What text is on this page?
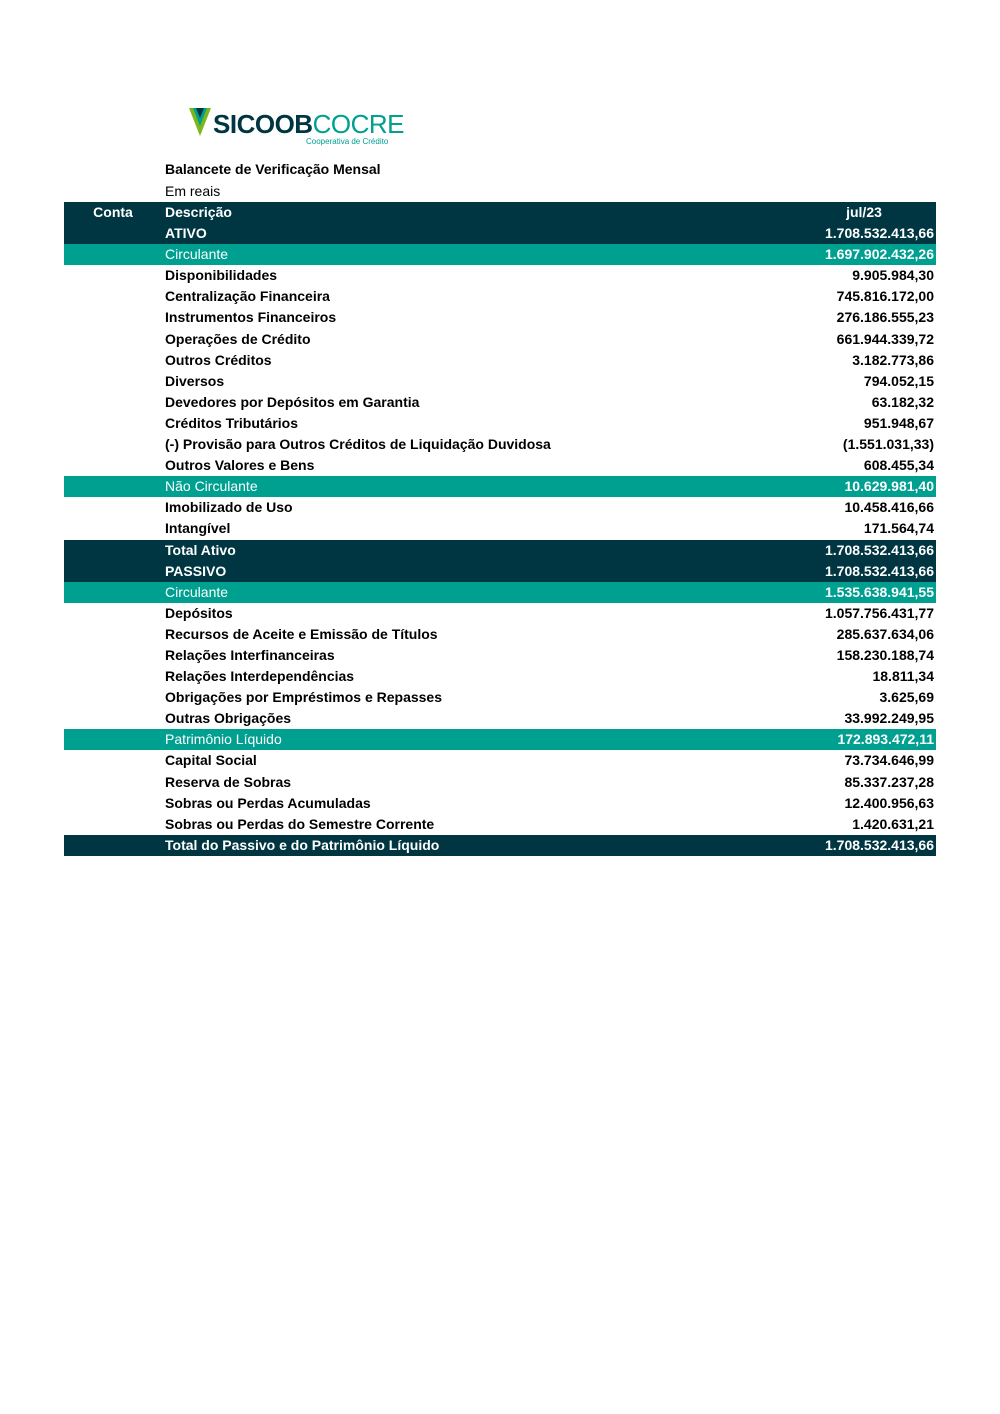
SICOOBCOCRE
Cooperativa de Crédito
Balancete de Verificação Mensal
Em reais
Conta	Descrição	jul/23
ATIVO	1.708.532.413,66
Circulante	1.697.902.432,26
Disponibilidades	9.905.984,30
Centralização Financeira	745.816.172,00
Instrumentos Financeiros	276.186.555,23
Operações de Crédito	661.944.339,72
Outros Créditos	3.182.773,86
Diversos	794.052,15
Devedores por Depósitos em Garantia	63.182,32
Créditos Tributários	951.948,67
(-) Provisão para Outros Créditos de Liquidação Duvidosa	(1.551.031,33)
Outros Valores e Bens	608.455,34
Não Circulante	10.629.981,40
Imobilizado de Uso	10.458.416,66
Intangível	171.564,74
Total Ativo	1.708.532.413,66
PASSIVO	1.708.532.413,66
Circulante	1.535.638.941,55
Depósitos	1.057.756.431,77
Recursos de Aceite e Emissão de Títulos	285.637.634,06
Relações Interfinanceiras	158.230.188,74
Relações Interdependências	18.811,34
Obrigações por Empréstimos e Repasses	3.625,69
Outras Obrigações	33.992.249,95
Patrimônio Líquido	172.893.472,11
Capital Social	73.734.646,99
Reserva de Sobras	85.337.237,28
Sobras ou Perdas Acumuladas	12.400.956,63
Sobras ou Perdas do Semestre Corrente	1.420.631,21
Total do Passivo e do Patrimônio Líquido	1.708.532.413,66
